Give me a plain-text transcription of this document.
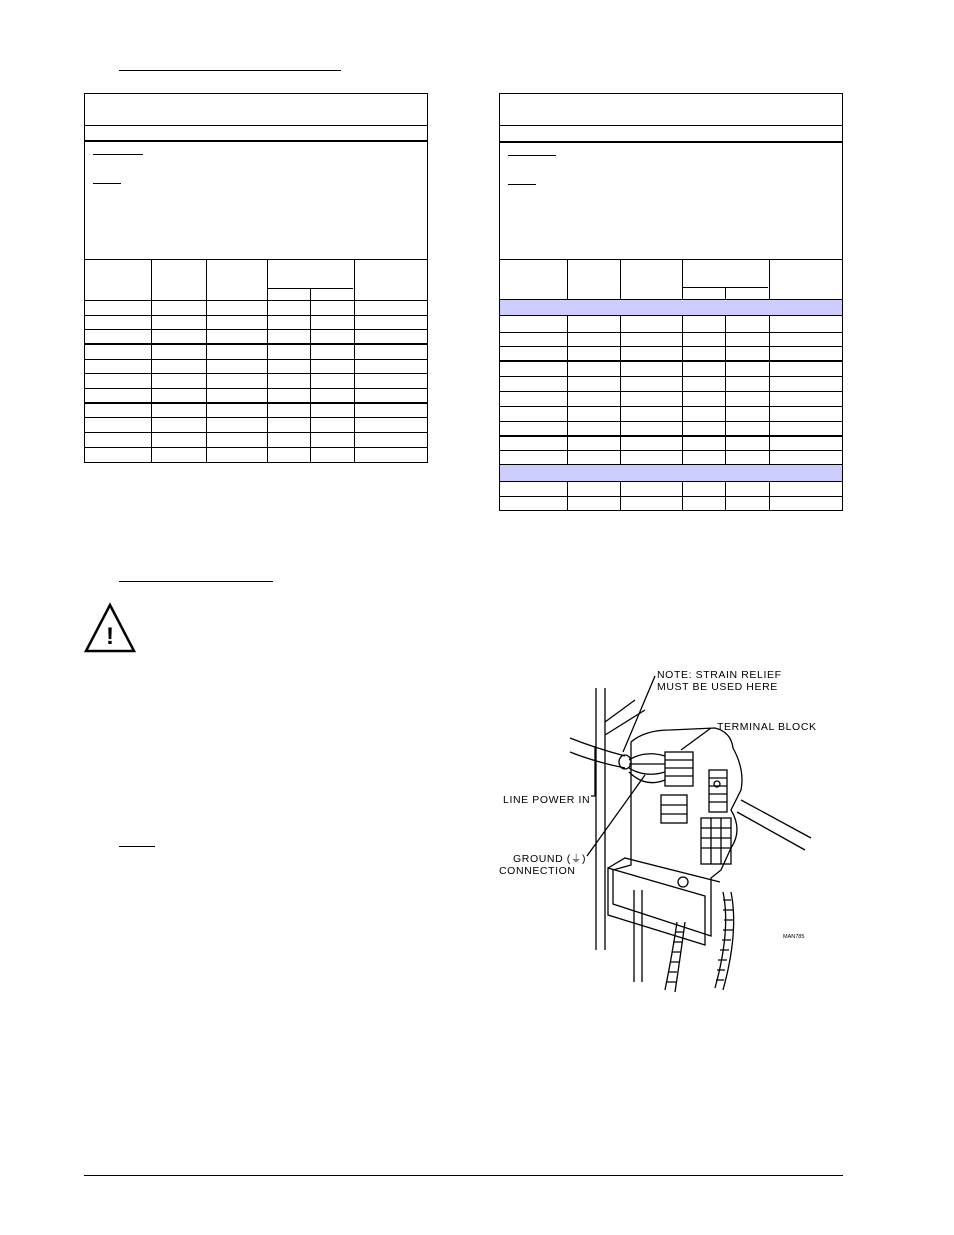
!
NOTE: STRAIN RELIEF
MUST BE USED HERE
TERMINAL BLOCK
LINE POWER IN
GROUND (⏚)
CONNECTION
MAN785
